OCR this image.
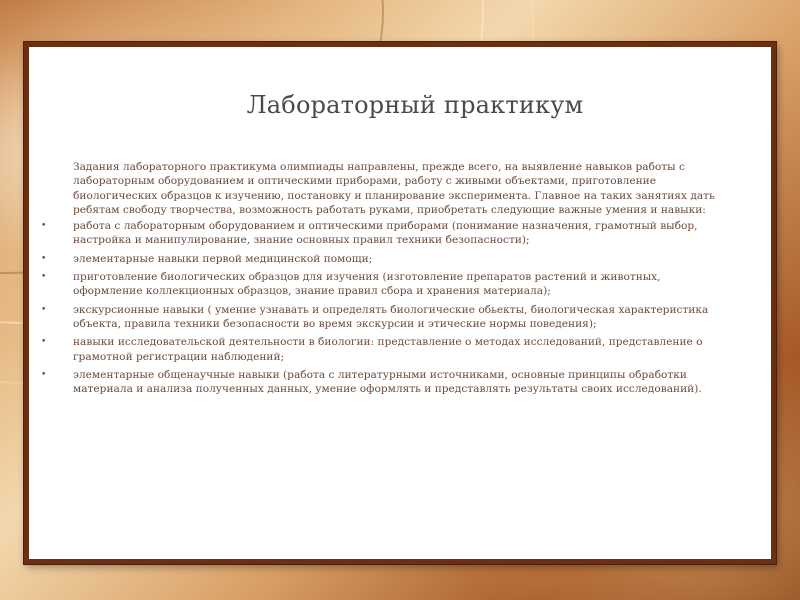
Лабораторный практикум

Задания лабораторного практикума олимпиады направлены, прежде всего, на выявление навыков работы с лабораторным оборудованием и оптическими приборами, работу с живыми объектами, приготовление биологических образцов к изучению, постановку и планирование эксперимента. Главное на таких занятиях дать ребятам свободу творчества, возможность работать руками, приобретать следующие важные умения и навыки:

•	работа с лабораторным оборудованием и оптическими приборами (понимание назначения, грамотный выбор, настройка и манипулирование, знание основных правил техники безопасности);
•	элементарные навыки первой медицинской помощи;
•	приготовление биологических образцов для изучения (изготовление препаратов растений и животных, оформление коллекционных образцов, знание правил сбора и хранения материала);
•	экскурсионные навыки ( умение узнавать и определять биологические обьекты, биологическая характеристика объекта, правила техники безопасности во время экскурсии и этические нормы поведения);
•	навыки исследовательской деятельности в биологии: представление о методах исследований, представление о грамотной регистрации наблюдений;
•	элементарные общенаучные навыки (работа с литературными источниками, основные принципы обработки материала и анализа полученных данных, умение оформлять и представлять результаты своих исследований).
